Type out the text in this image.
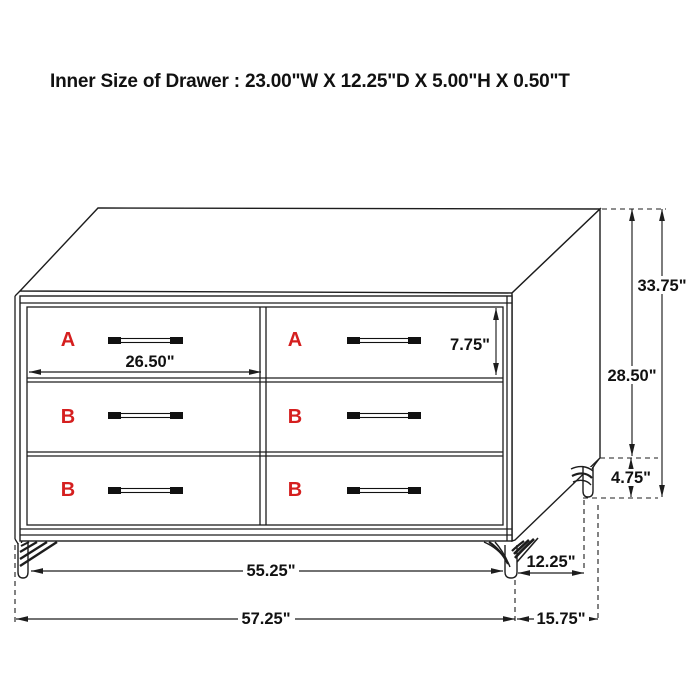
Inner Size of Drawer : 23.00"W X 12.25"D X 5.00"H X 0.50"T
26.50"
7.75"
28.50"
33.75"
4.75"
55.25"	12.25"
57.25"	15.75"
A	A
B	B
B	B
